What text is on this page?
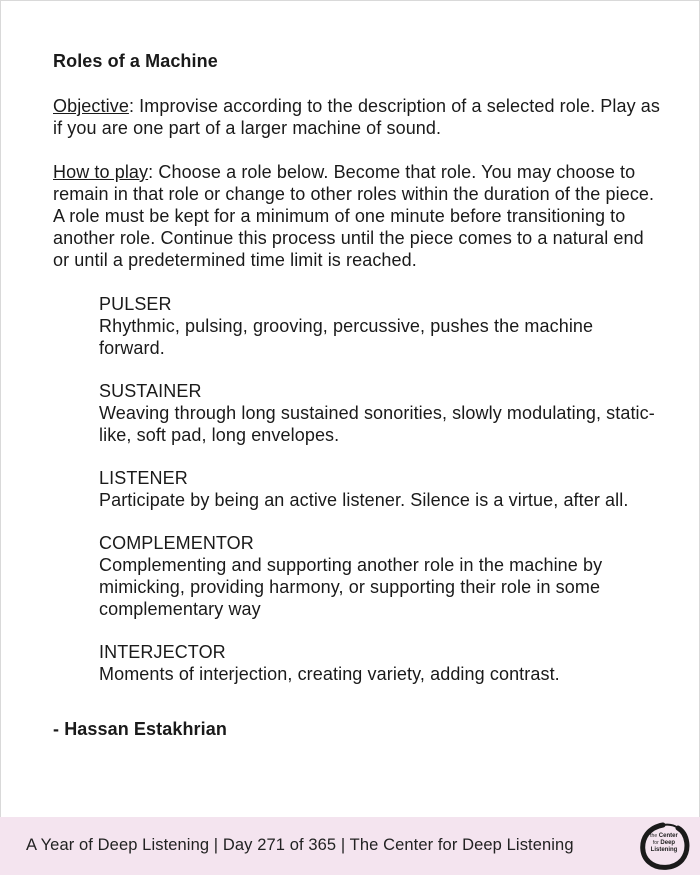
Roles of a Machine

Objective: Improvise according to the description of a selected role. Play as if you are one part of a larger machine of sound.

How to play: Choose a role below. Become that role. You may choose to remain in that role or change to other roles within the duration of the piece. A role must be kept for a minimum of one minute before transitioning to another role. Continue this process until the piece comes to a natural end or until a predetermined time limit is reached.

PULSER
Rhythmic, pulsing, grooving, percussive, pushes the machine forward.
SUSTAINER
Weaving through long sustained sonorities, slowly modulating, static-like, soft pad, long envelopes.
LISTENER
Participate by being an active listener. Silence is a virtue, after all.
COMPLEMENTOR
Complementing and supporting another role in the machine by mimicking, providing harmony, or supporting their role in some complementary way
INTERJECTOR
Moments of interjection, creating variety, adding contrast.
- Hassan Estakhrian
A Year of Deep Listening | Day 271 of 365 | The Center for Deep Listening	the Center
for Deep
Listening
